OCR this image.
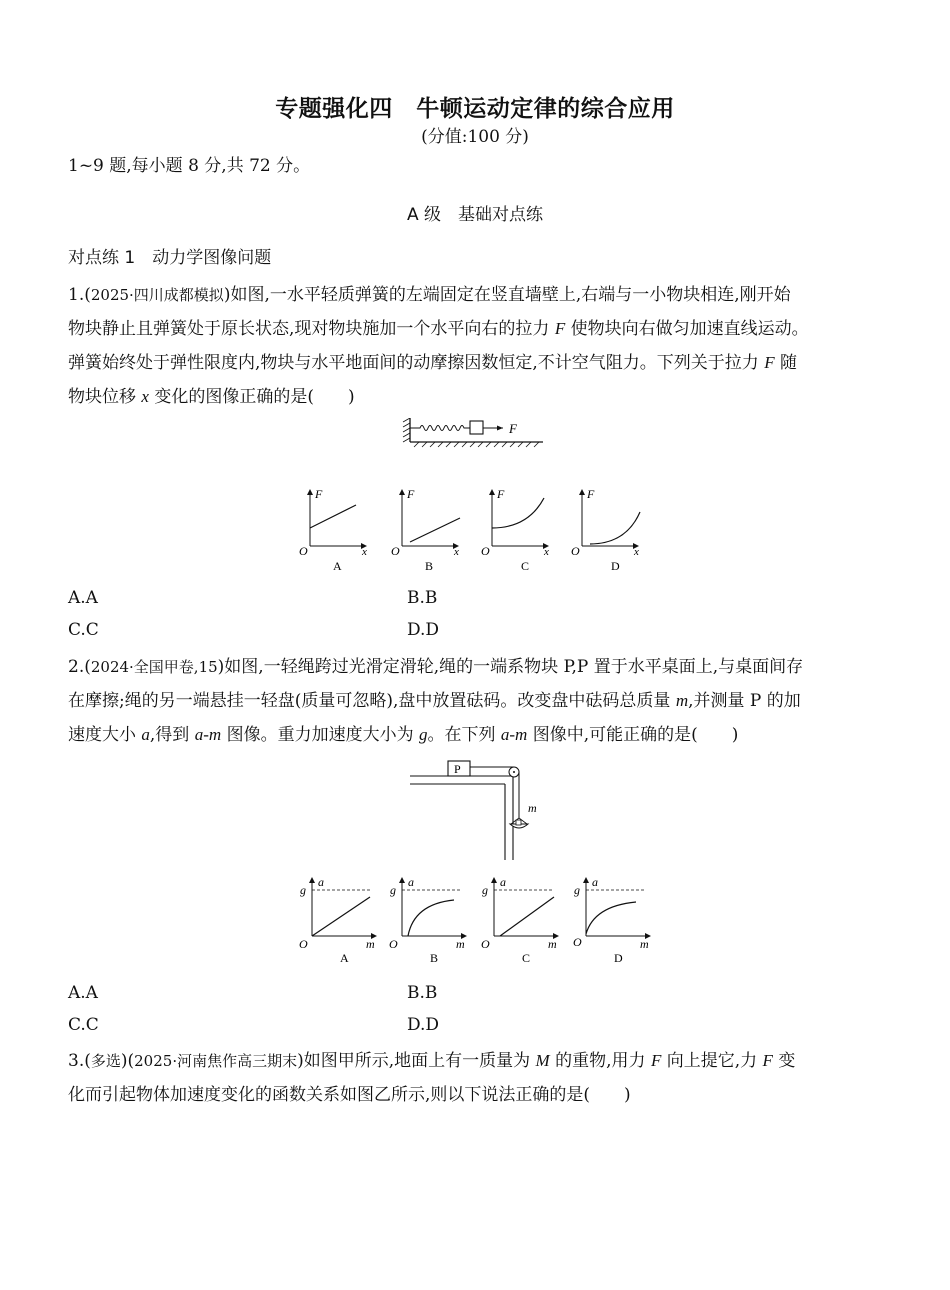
专题强化四　牛顿运动定律的综合应用
(分值:100 分)
1~9 题,每小题 8 分,共 72 分。
A 级　基础对点练
对点练 1　动力学图像问题
1.(2025·四川成都模拟)如图,一水平轻质弹簧的左端固定在竖直墙壁上,右端与一小物块相连,刚开始
物块静止且弹簧处于原长状态,现对物块施加一个水平向右的拉力 F 使物块向右做匀加速直线运动。
弹簧始终处于弹性限度内,物块与水平地面间的动摩擦因数恒定,不计空气阻力。下列关于拉力 F 随
物块位移 x 变化的图像正确的是(　　)
F
F
x
O
A
F
x
O
B
F
x
O
C
F
x
O
D
A.A	B.B
C.C	D.D
2.(2024·全国甲卷,15)如图,一轻绳跨过光滑定滑轮,绳的一端系物块 P,P 置于水平桌面上,与桌面间存
在摩擦;绳的另一端悬挂一轻盘(质量可忽略),盘中放置砝码。改变盘中砝码总质量 m,并测量 P 的加
速度大小 a,得到 a-m 图像。重力加速度大小为 g。在下列 a-m 图像中,可能正确的是(　　)
P
m
a
g
m
O
A
a
g
m
O
B
a
g
m
O
C
a
g
m
O
D
A.A	B.B
C.C	D.D
3.(多选)(2025·河南焦作高三期末)如图甲所示,地面上有一质量为 M 的重物,用力 F 向上提它,力 F 变
化而引起物体加速度变化的函数关系如图乙所示,则以下说法正确的是(　　)
